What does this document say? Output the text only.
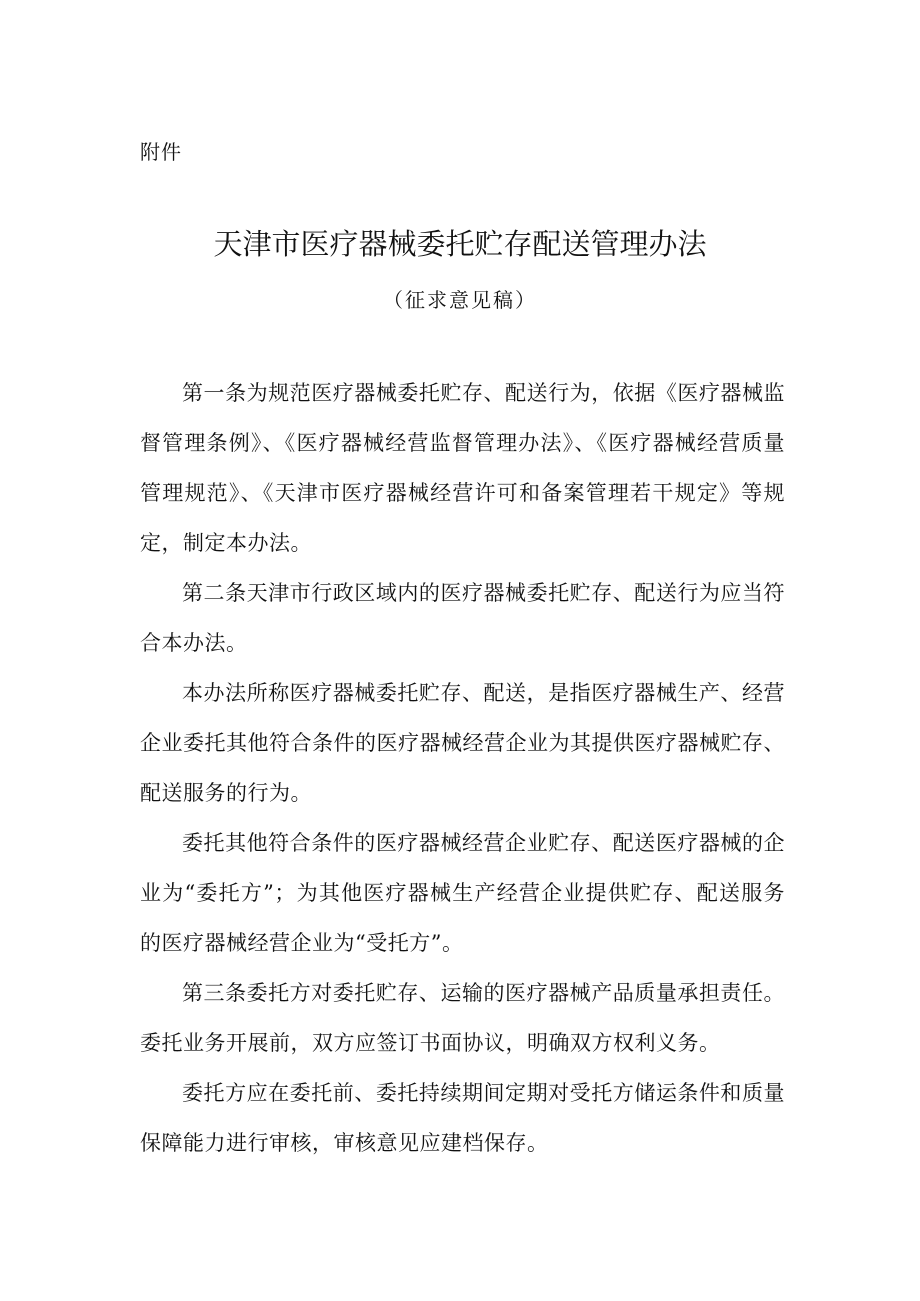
附件
天津市医疗器械委托贮存配送管理办法
（征求意见稿）

第一条为规范医疗器械委托贮存、配送行为，依据《医疗器械监督管理条例》、《医疗器械经营监督管理办法》、《医疗器械经营质量管理规范》、《天津市医疗器械经营许可和备案管理若干规定》等规定，制定本办法。

第二条天津市行政区域内的医疗器械委托贮存、配送行为应当符合本办法。

本办法所称医疗器械委托贮存、配送，是指医疗器械生产、经营企业委托其他符合条件的医疗器械经营企业为其提供医疗器械贮存、配送服务的行为。

委托其他符合条件的医疗器械经营企业贮存、配送医疗器械的企业为“委托方”；为其他医疗器械生产经营企业提供贮存、配送服务的医疗器械经营企业为“受托方”。

第三条委托方对委托贮存、运输的医疗器械产品质量承担责任。委托业务开展前，双方应签订书面协议，明确双方权利义务。

委托方应在委托前、委托持续期间定期对受托方储运条件和质量保障能力进行审核，审核意见应建档保存。
